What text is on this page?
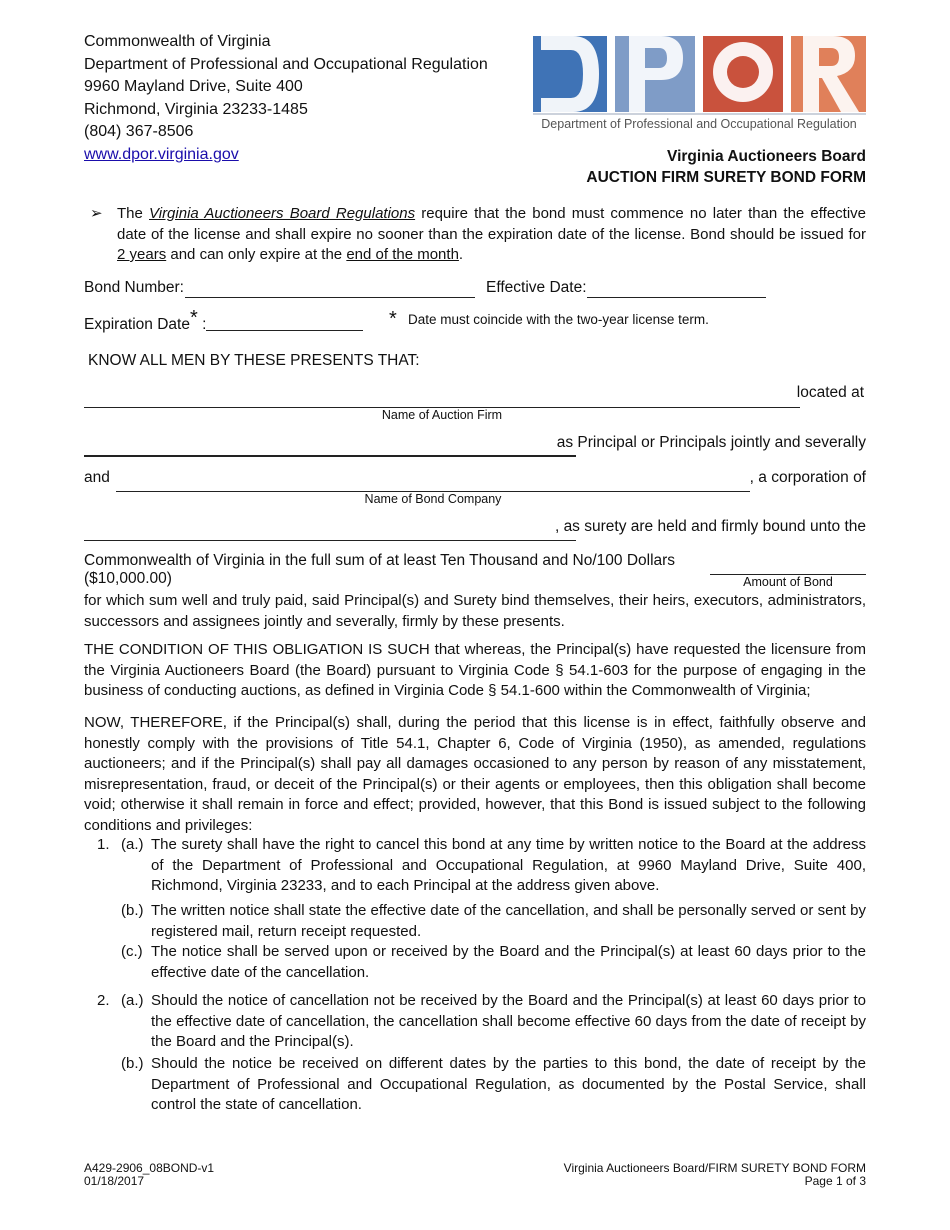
Commonwealth of Virginia
Department of Professional and Occupational Regulation
9960 Mayland Drive, Suite 400
Richmond, Virginia 23233-1485
(804) 367-8506
www.dpor.virginia.gov
Department of Professional and Occupational Regulation
Virginia Auctioneers Board
AUCTION FIRM SURETY BOND FORM
➢ The Virginia Auctioneers Board Regulations require that the bond must commence no later than the effective date of the license and shall expire no sooner than the expiration date of the license. Bond should be issued for 2 years and can only expire at the end of the month.
Bond Number:	Effective Date:
Expiration Date* :	* Date must coincide with the two-year license term.
KNOW ALL MEN BY THESE PRESENTS THAT:
located at
Name of Auction Firm
as Principal or Principals jointly and severally
and	, a corporation of
Name of Bond Company
, as surety are held and firmly bound unto the
Commonwealth of Virginia in the full sum of at least Ten Thousand and No/100 Dollars ($10,000.00)	Amount of Bond
for which sum well and truly paid, said Principal(s) and Surety bind themselves, their heirs, executors, administrators, successors and assignees jointly and severally, firmly by these presents.
THE CONDITION OF THIS OBLIGATION IS SUCH that whereas, the Principal(s) have requested the licensure from the Virginia Auctioneers Board (the Board) pursuant to Virginia Code § 54.1-603 for the purpose of engaging in the business of conducting auctions, as defined in Virginia Code § 54.1-600 within the Commonwealth of Virginia;
NOW, THEREFORE, if the Principal(s) shall, during the period that this license is in effect, faithfully observe and honestly comply with the provisions of Title 54.1, Chapter 6, Code of Virginia (1950), as amended, regulations auctioneers; and if the Principal(s) shall pay all damages occasioned to any person by reason of any misstatement, misrepresentation, fraud, or deceit of the Principal(s) or their agents or employees, then this obligation shall become void; otherwise it shall remain in force and effect; provided, however, that this Bond is issued subject to the following conditions and privileges:
1. (a.) The surety shall have the right to cancel this bond at any time by written notice to the Board at the address of the Department of Professional and Occupational Regulation, at 9960 Mayland Drive, Suite 400, Richmond, Virginia 23233, and to each Principal at the address given above.
(b.) The written notice shall state the effective date of the cancellation, and shall be personally served or sent by registered mail, return receipt requested.
(c.) The notice shall be served upon or received by the Board and the Principal(s) at least 60 days prior to the effective date of the cancellation.
2. (a.) Should the notice of cancellation not be received by the Board and the Principal(s) at least 60 days prior to the effective date of cancellation, the cancellation shall become effective 60 days from the date of receipt by the Board and the Principal(s).
(b.) Should the notice be received on different dates by the parties to this bond, the date of receipt by the Department of Professional and Occupational Regulation, as documented by the Postal Service, shall control the state of cancellation.
A429-2906_08BOND-v1
01/18/2017
Virginia Auctioneers Board/FIRM SURETY BOND FORM
Page 1 of 3
